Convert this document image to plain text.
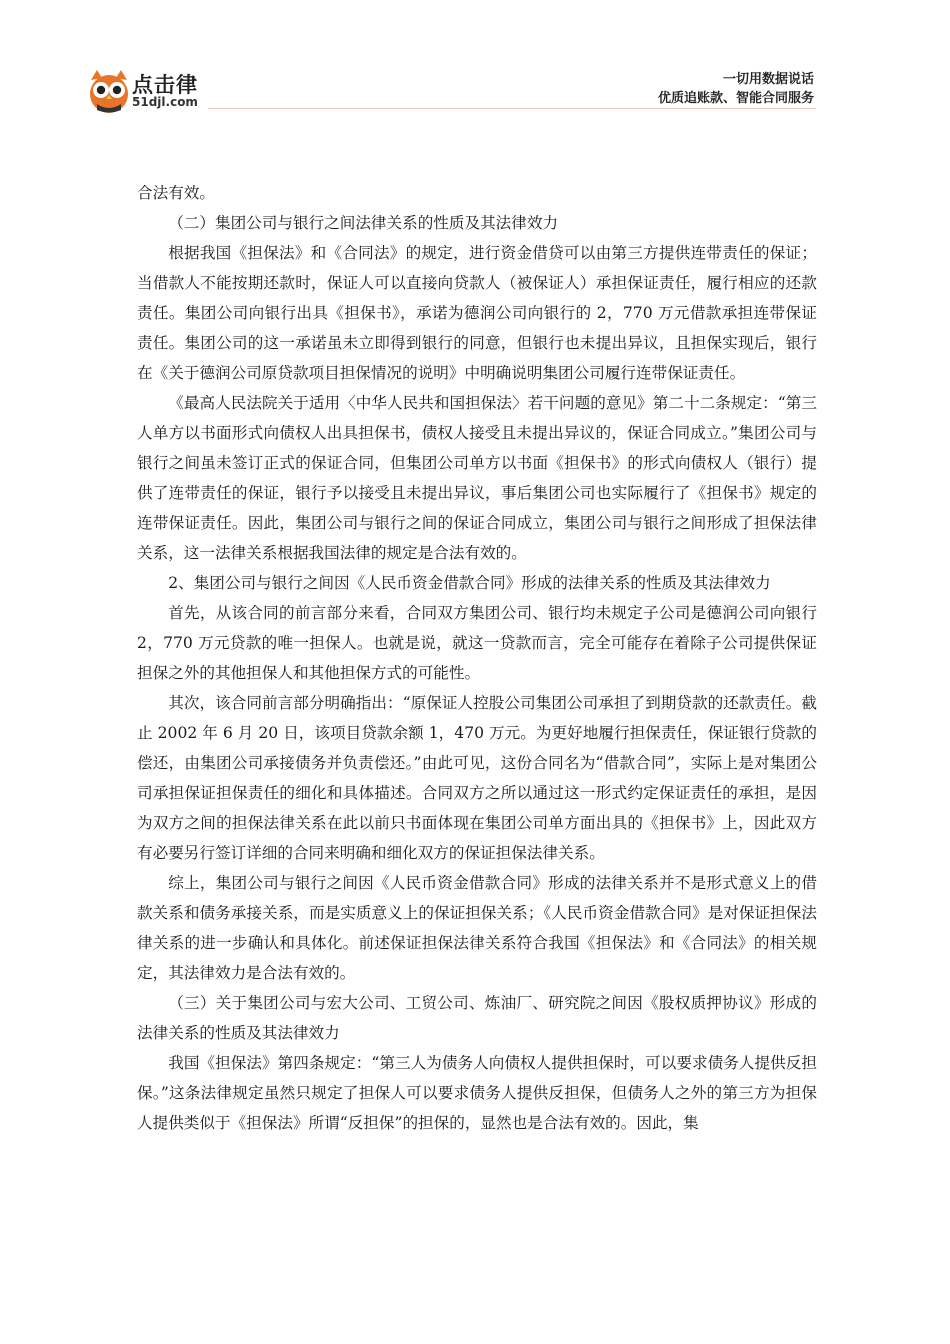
点击律
51djl.com
一切用数据说话
优质追账款、智能合同服务

合法有效。

（二）集团公司与银行之间法律关系的性质及其法律效力

根据我国《担保法》和《合同法》的规定，进行资金借贷可以由第三方提供连带责任的保证；当借款人不能按期还款时，保证人可以直接向贷款人（被保证人）承担保证责任，履行相应的还款责任。集团公司向银行出具《担保书》，承诺为德润公司向银行的 2，770 万元借款承担连带保证责任。集团公司的这一承诺虽未立即得到银行的同意，但银行也未提出异议，且担保实现后，银行在《关于德润公司原贷款项目担保情况的说明》中明确说明集团公司履行连带保证责任。

《最高人民法院关于适用〈中华人民共和国担保法〉若干问题的意见》第二十二条规定：“第三人单方以书面形式向债权人出具担保书，债权人接受且未提出异议的，保证合同成立。”集团公司与银行之间虽未签订正式的保证合同，但集团公司单方以书面《担保书》的形式向债权人（银行）提供了连带责任的保证，银行予以接受且未提出异议，事后集团公司也实际履行了《担保书》规定的连带保证责任。因此，集团公司与银行之间的保证合同成立，集团公司与银行之间形成了担保法律关系，这一法律关系根据我国法律的规定是合法有效的。

2、集团公司与银行之间因《人民币资金借款合同》形成的法律关系的性质及其法律效力

首先，从该合同的前言部分来看，合同双方集团公司、银行均未规定子公司是德润公司向银行 2，770 万元贷款的唯一担保人。也就是说，就这一贷款而言，完全可能存在着除子公司提供保证担保之外的其他担保人和其他担保方式的可能性。

其次，该合同前言部分明确指出：“原保证人控股公司集团公司承担了到期贷款的还款责任。截止 2002 年 6 月 20 日，该项目贷款余额 1，470 万元。为更好地履行担保责任，保证银行贷款的偿还，由集团公司承接债务并负责偿还。”由此可见，这份合同名为“借款合同”，实际上是对集团公司承担保证担保责任的细化和具体描述。合同双方之所以通过这一形式约定保证责任的承担，是因为双方之间的担保法律关系在此以前只书面体现在集团公司单方面出具的《担保书》上，因此双方有必要另行签订详细的合同来明确和细化双方的保证担保法律关系。

综上，集团公司与银行之间因《人民币资金借款合同》形成的法律关系并不是形式意义上的借款关系和债务承接关系，而是实质意义上的保证担保关系；《人民币资金借款合同》是对保证担保法律关系的进一步确认和具体化。前述保证担保法律关系符合我国《担保法》和《合同法》的相关规定，其法律效力是合法有效的。

（三）关于集团公司与宏大公司、工贸公司、炼油厂、研究院之间因《股权质押协议》形成的法律关系的性质及其法律效力

我国《担保法》第四条规定：“第三人为债务人向债权人提供担保时，可以要求债务人提供反担保。”这条法律规定虽然只规定了担保人可以要求债务人提供反担保，但债务人之外的第三方为担保人提供类似于《担保法》所谓“反担保”的担保的，显然也是合法有效的。因此，集
